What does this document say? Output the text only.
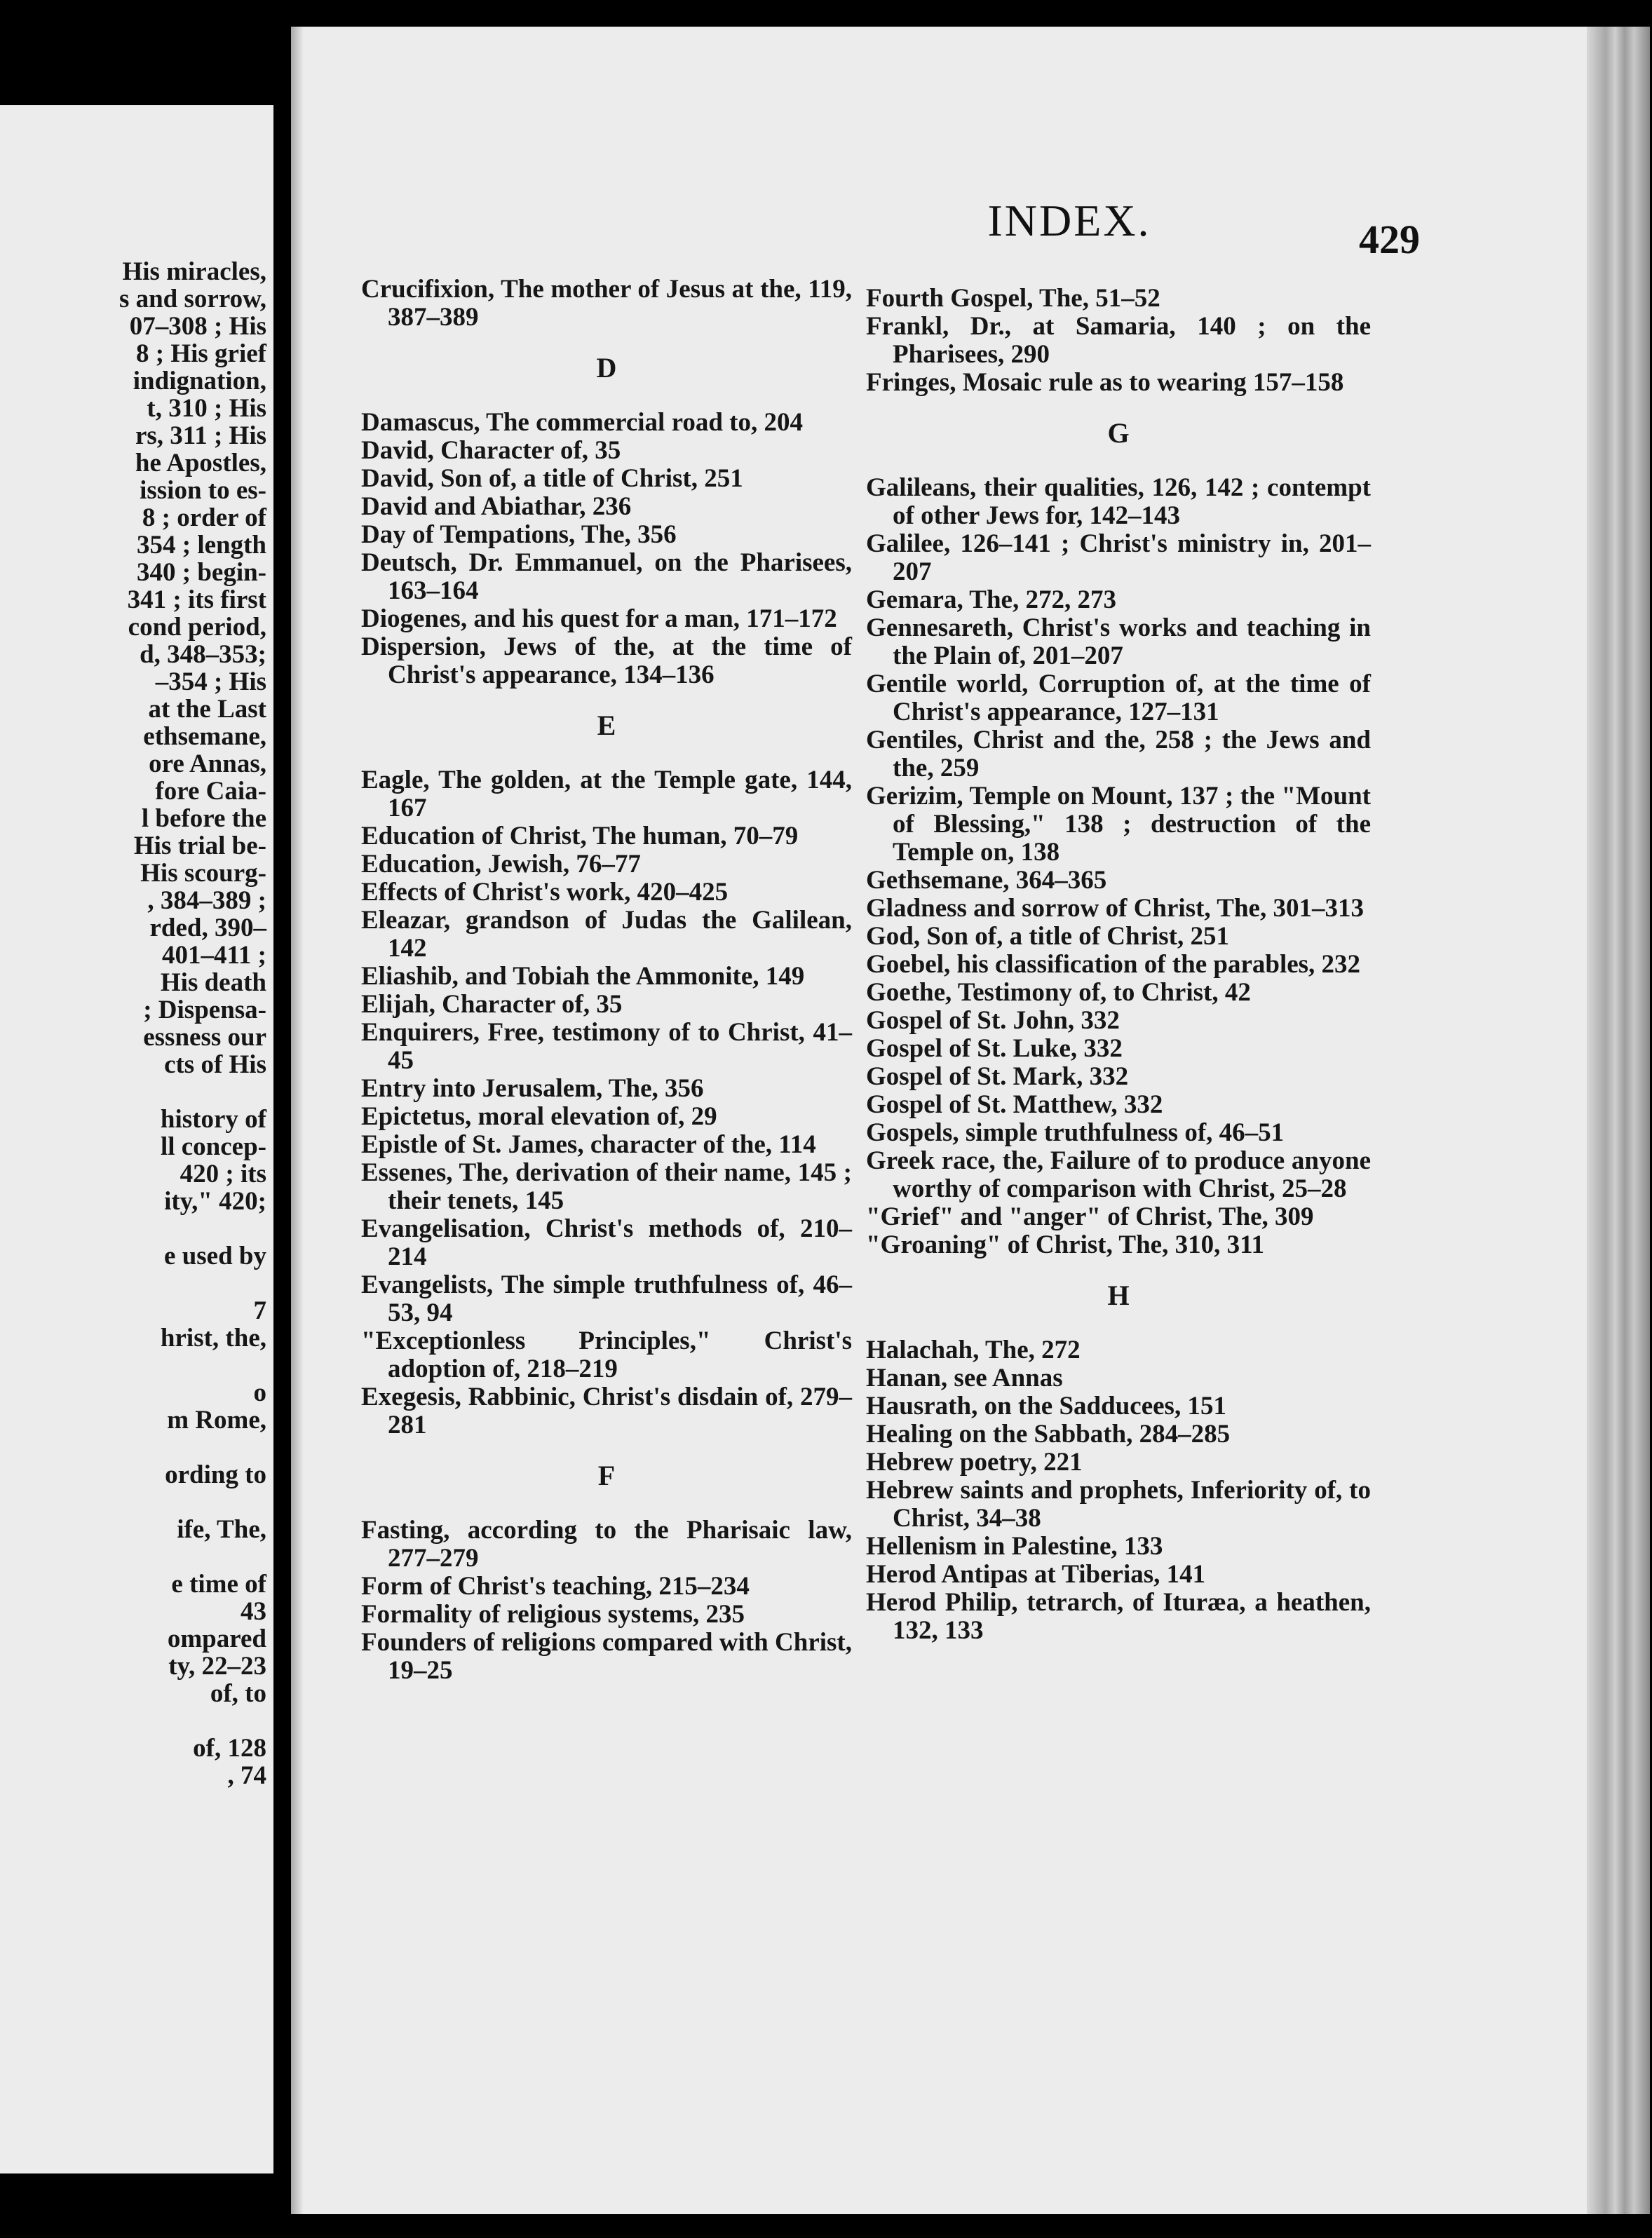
His miracles,
s and sorrow,
07–308 ; His
8 ; His grief
indignation,
t, 310 ; His
rs, 311 ; His
he Apostles,
ission to es-
8 ; order of
354 ; length
340 ; begin-
341 ; its first
cond period,
d, 348–353;
–354 ; His
at the Last
ethsemane,
ore Annas,
fore Caia-
l before the
His trial be-
His scourg-
, 384–389 ;
rded, 390–
401–411 ;
His death
; Dispensa-
essness our
cts of His
history of
ll concep-
420 ; its
ity," 420;
e used by
7
hrist, the,
o
m Rome,
ording to
ife, The,
e time of
43
ompared
ty, 22–23
of, to
of, 128
, 74
INDEX.	429

Crucifixion, The mother of Jesus at the, 119, 387–389

D

Damascus, The commercial road to, 204

David, Character of, 35

David, Son of, a title of Christ, 251

David and Abiathar, 236

Day of Tempations, The, 356

Deutsch, Dr. Emmanuel, on the Pharisees, 163–164

Diogenes, and his quest for a man, 171–172

Dispersion, Jews of the, at the time of Christ's appearance, 134–136

E

Eagle, The golden, at the Temple gate, 144, 167

Education of Christ, The human, 70–79

Education, Jewish, 76–77

Effects of Christ's work, 420–425

Eleazar, grandson of Judas the Galilean, 142

Eliashib, and Tobiah the Ammonite, 149

Elijah, Character of, 35

Enquirers, Free, testimony of to Christ, 41–45

Entry into Jerusalem, The, 356

Epictetus, moral elevation of, 29

Epistle of St. James, character of the, 114

Essenes, The, derivation of their name, 145 ; their tenets, 145

Evangelisation, Christ's methods of, 210–214

Evangelists, The simple truthfulness of, 46–53, 94

"Exceptionless Principles," Christ's adoption of, 218–219

Exegesis, Rabbinic, Christ's disdain of, 279–281

F

Fasting, according to the Pharisaic law, 277–279

Form of Christ's teaching, 215–234

Formality of religious systems, 235

Founders of religions compared with Christ, 19–25

Fourth Gospel, The, 51–52

Frankl, Dr., at Samaria, 140 ; on the Pharisees, 290

Fringes, Mosaic rule as to wearing 157–158

G

Galileans, their qualities, 126, 142 ; contempt of other Jews for, 142–143

Galilee, 126–141 ; Christ's ministry in, 201–207

Gemara, The, 272, 273

Gennesareth, Christ's works and teaching in the Plain of, 201–207

Gentile world, Corruption of, at the time of Christ's appearance, 127–131

Gentiles, Christ and the, 258 ; the Jews and the, 259

Gerizim, Temple on Mount, 137 ; the "Mount of Blessing," 138 ; destruction of the Temple on, 138

Gethsemane, 364–365

Gladness and sorrow of Christ, The, 301–313

God, Son of, a title of Christ, 251

Goebel, his classification of the parables, 232

Goethe, Testimony of, to Christ, 42

Gospel of St. John, 332

Gospel of St. Luke, 332

Gospel of St. Mark, 332

Gospel of St. Matthew, 332

Gospels, simple truthfulness of, 46–51

Greek race, the, Failure of to produce anyone worthy of comparison with Christ, 25–28

"Grief" and "anger" of Christ, The, 309

"Groaning" of Christ, The, 310, 311

H

Halachah, The, 272

Hanan, see Annas

Hausrath, on the Sadducees, 151

Healing on the Sabbath, 284–285

Hebrew poetry, 221

Hebrew saints and prophets, Inferiority of, to Christ, 34–38

Hellenism in Palestine, 133

Herod Antipas at Tiberias, 141

Herod Philip, tetrarch, of Ituræa, a heathen, 132, 133
